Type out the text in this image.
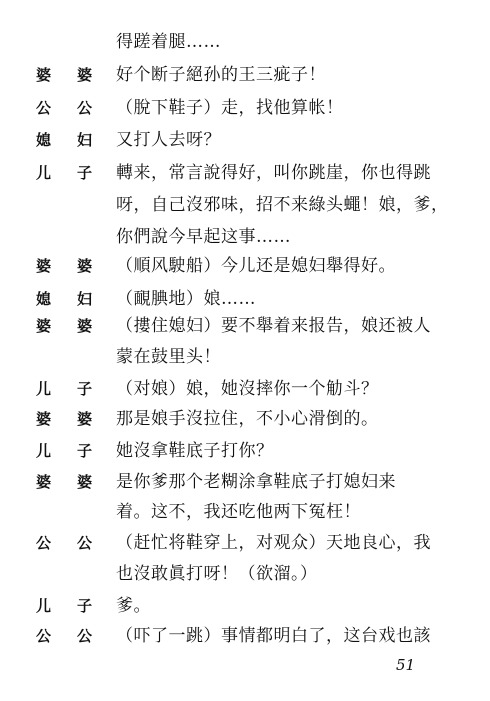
得蹉着腿……
婆婆
好个断子絕孙的王三疵子！
公公
（脫下鞋子）走，找他算帐！
媳妇
又打人去呀？
儿子
轉来，常言說得好，叫你跳崖，你也得跳
呀，自己沒邪味，招不来綠头蠅！娘，爹，
你們說今早起这事……
婆婆
（順风駛船）今儿还是媳妇舉得好。
媳妇
（靦腆地）娘……
婆婆
（摟住媳妇）要不舉着来报告，娘还被人
蒙在鼓里头！
儿子
（对娘）娘，她沒摔你一个觔斗？
婆婆
那是娘手沒拉住，不小心滑倒的。
儿子
她沒拿鞋底子打你？
婆婆
是你爹那个老糊涂拿鞋底子打媳妇来
着。这不，我还吃他两下冤枉！
公公
（赶忙将鞋穿上，对观众）天地良心，我
也沒敢眞打呀！（欲溜。）
儿子
爹。
公公
（吓了一跳）事情都明白了，这台戏也該
51
